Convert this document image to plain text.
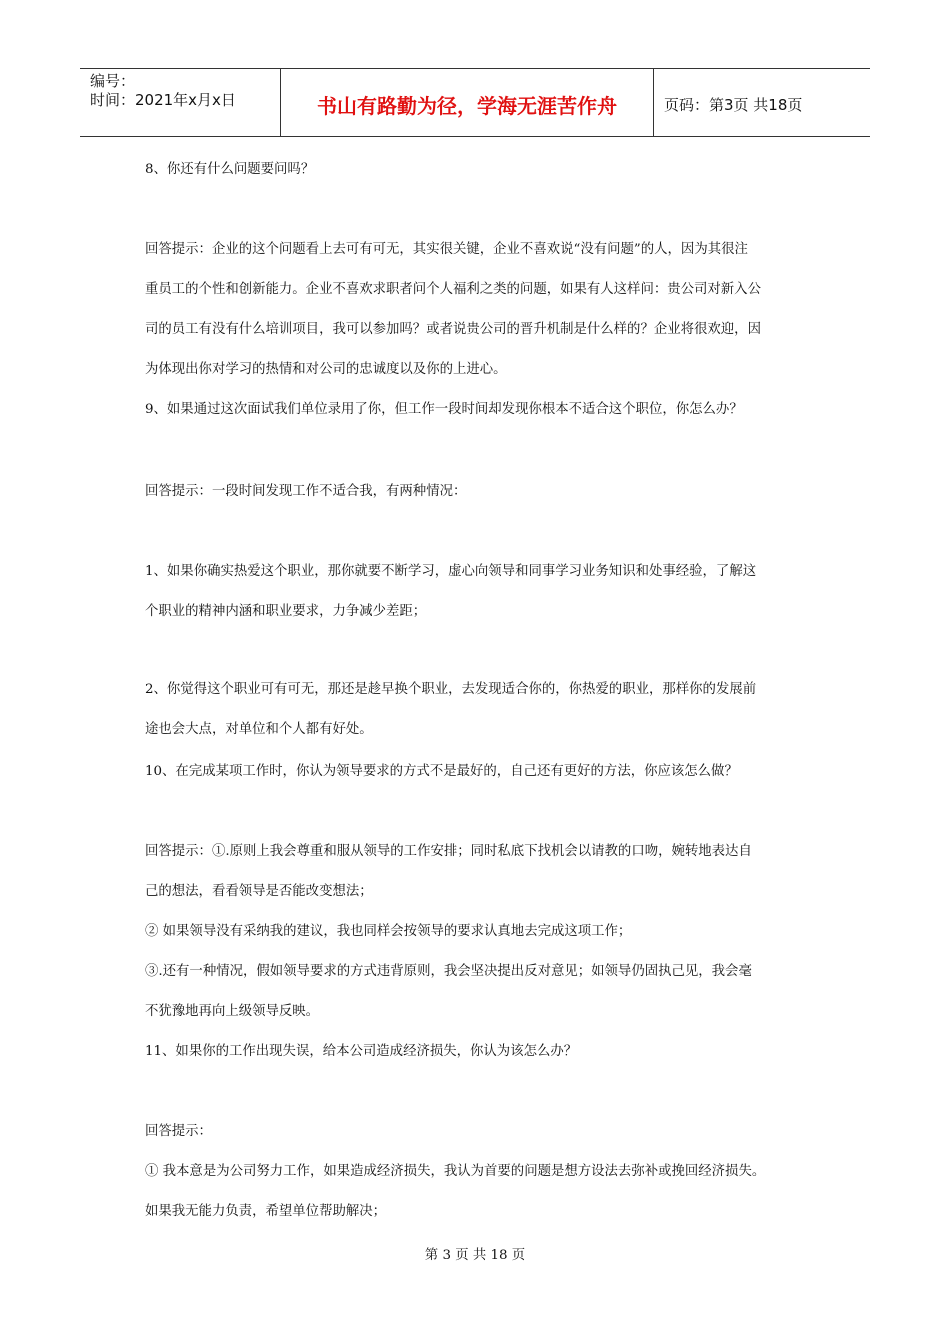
编号：
时间：2021年x月x日	书山有路勤为径，学海无涯苦作舟	页码：第3页 共18页

8、你还有什么问题要问吗？

回答提示：企业的这个问题看上去可有可无，其实很关键，企业不喜欢说“没有问题”的人，因为其很注

重员工的个性和创新能力。企业不喜欢求职者问个人福利之类的问题，如果有人这样问：贵公司对新入公

司的员工有没有什么培训项目，我可以参加吗？或者说贵公司的晋升机制是什么样的？企业将很欢迎，因

为体现出你对学习的热情和对公司的忠诚度以及你的上进心。

9、如果通过这次面试我们单位录用了你，但工作一段时间却发现你根本不适合这个职位，你怎么办？

回答提示：一段时间发现工作不适合我，有两种情况：

1、如果你确实热爱这个职业，那你就要不断学习，虚心向领导和同事学习业务知识和处事经验，了解这

个职业的精神内涵和职业要求，力争减少差距；

2、你觉得这个职业可有可无，那还是趁早换个职业，去发现适合你的，你热爱的职业，那样你的发展前

途也会大点，对单位和个人都有好处。

10、在完成某项工作时，你认为领导要求的方式不是最好的，自己还有更好的方法，你应该怎么做？

回答提示：①.原则上我会尊重和服从领导的工作安排；同时私底下找机会以请教的口吻，婉转地表达自

己的想法，看看领导是否能改变想法；

② 如果领导没有采纳我的建议，我也同样会按领导的要求认真地去完成这项工作；

③.还有一种情况，假如领导要求的方式违背原则，我会坚决提出反对意见；如领导仍固执己见，我会毫

不犹豫地再向上级领导反映。

11、如果你的工作出现失误，给本公司造成经济损失，你认为该怎么办？

回答提示：

① 我本意是为公司努力工作，如果造成经济损失，我认为首要的问题是想方设法去弥补或挽回经济损失。

如果我无能力负责，希望单位帮助解决；

第 3 页 共 18 页
